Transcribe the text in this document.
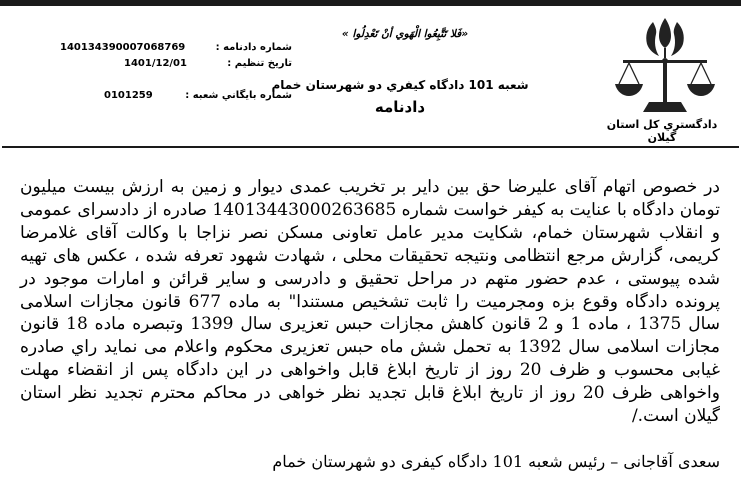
دادگستري كل استان گيلان
«فَلا تَتَّبِعُوا الْهَوي أنْ تَعْدِلُوا »
شعبه 101 دادگاه كيفري دو شهرستان خمام
دادنامه
140134390007068769	شماره دادنامه :
1401/12/01	تاريخ تنظيم :
0101259	شماره بايگاني شعبه :
در خصوص اتهام آقای علیرضا حق بین دایر بر تخریب عمدی دیوار و زمین به ارزش بیست میلیون تومان دادگاه با عنایت به کیفر خواست شماره 14013443000263685 صادره از دادسرای عمومی و انقلاب شهرستان خمام، شکایت مدیر عامل تعاونی مسکن نصر نزاجا با وکالت آقای غلامرضا کریمی، گزارش مرجع انتظامی ونتیجه تحقیقات محلی ، شهادت شهود تعرفه شده ، عکس های تهیه شده پیوستی ، عدم حضور متهم در مراحل تحقیق و دادرسی و سایر قرائن و امارات موجود در پرونده دادگاه وقوع بزه ومجرمیت را ثابت تشخیص مستندا" به ماده 677 قانون مجازات اسلامی سال 1375 ، ماده 1 و 2 قانون کاهش مجازات حبس تعزیری سال 1399 وتبصره ماده 18 قانون مجازات اسلامی سال 1392 به تحمل شش ماه حبس تعزیری محکوم واعلام می نماید راي صادره غیابی محسوب و ظرف 20 روز از تاریخ ابلاغ قابل واخواهی در این دادگاه پس از انقضاء مهلت واخواهی ظرف 20 روز از تاریخ ابلاغ قابل تجدید نظر خواهی در محاکم محترم تجدید نظر استان گیلان است./
سعدی آقاجانی – رئیس شعبه 101 دادگاه کیفری دو شهرستان خمام
